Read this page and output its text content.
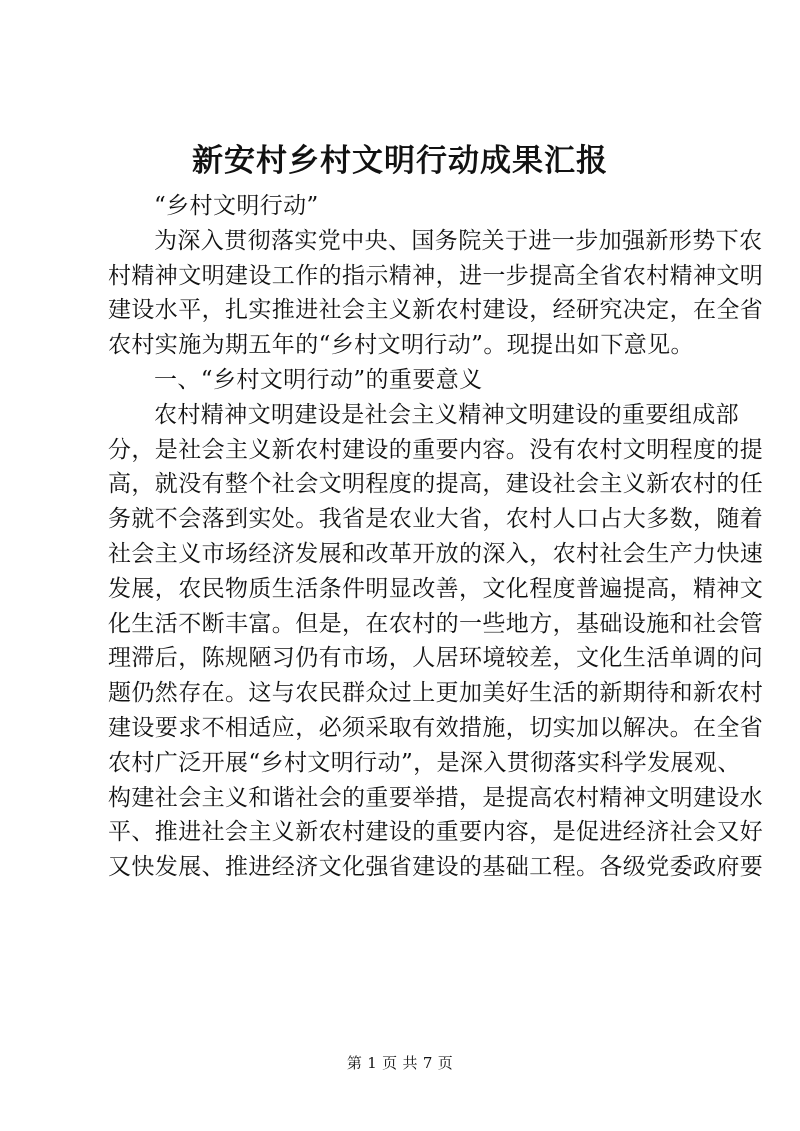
新安村乡村文明行动成果汇报
“乡村文明行动”
为深入贯彻落实党中央、国务院关于进一步加强新形势下农
村精神文明建设工作的指示精神，进一步提高全省农村精神文明
建设水平，扎实推进社会主义新农村建设，经研究决定，在全省
农村实施为期五年的“乡村文明行动”。现提出如下意见。
一、“乡村文明行动”的重要意义
农村精神文明建设是社会主义精神文明建设的重要组成部
分，是社会主义新农村建设的重要内容。没有农村文明程度的提
高，就没有整个社会文明程度的提高，建设社会主义新农村的任
务就不会落到实处。我省是农业大省，农村人口占大多数，随着
社会主义市场经济发展和改革开放的深入，农村社会生产力快速
发展，农民物质生活条件明显改善，文化程度普遍提高，精神文
化生活不断丰富。但是，在农村的一些地方，基础设施和社会管
理滞后，陈规陋习仍有市场，人居环境较差，文化生活单调的问
题仍然存在。这与农民群众过上更加美好生活的新期待和新农村
建设要求不相适应，必须采取有效措施，切实加以解决。在全省
农村广泛开展“乡村文明行动”，是深入贯彻落实科学发展观、
构建社会主义和谐社会的重要举措，是提高农村精神文明建设水
平、推进社会主义新农村建设的重要内容，是促进经济社会又好
又快发展、推进经济文化强省建设的基础工程。各级党委政府要
第 1 页 共 7 页
